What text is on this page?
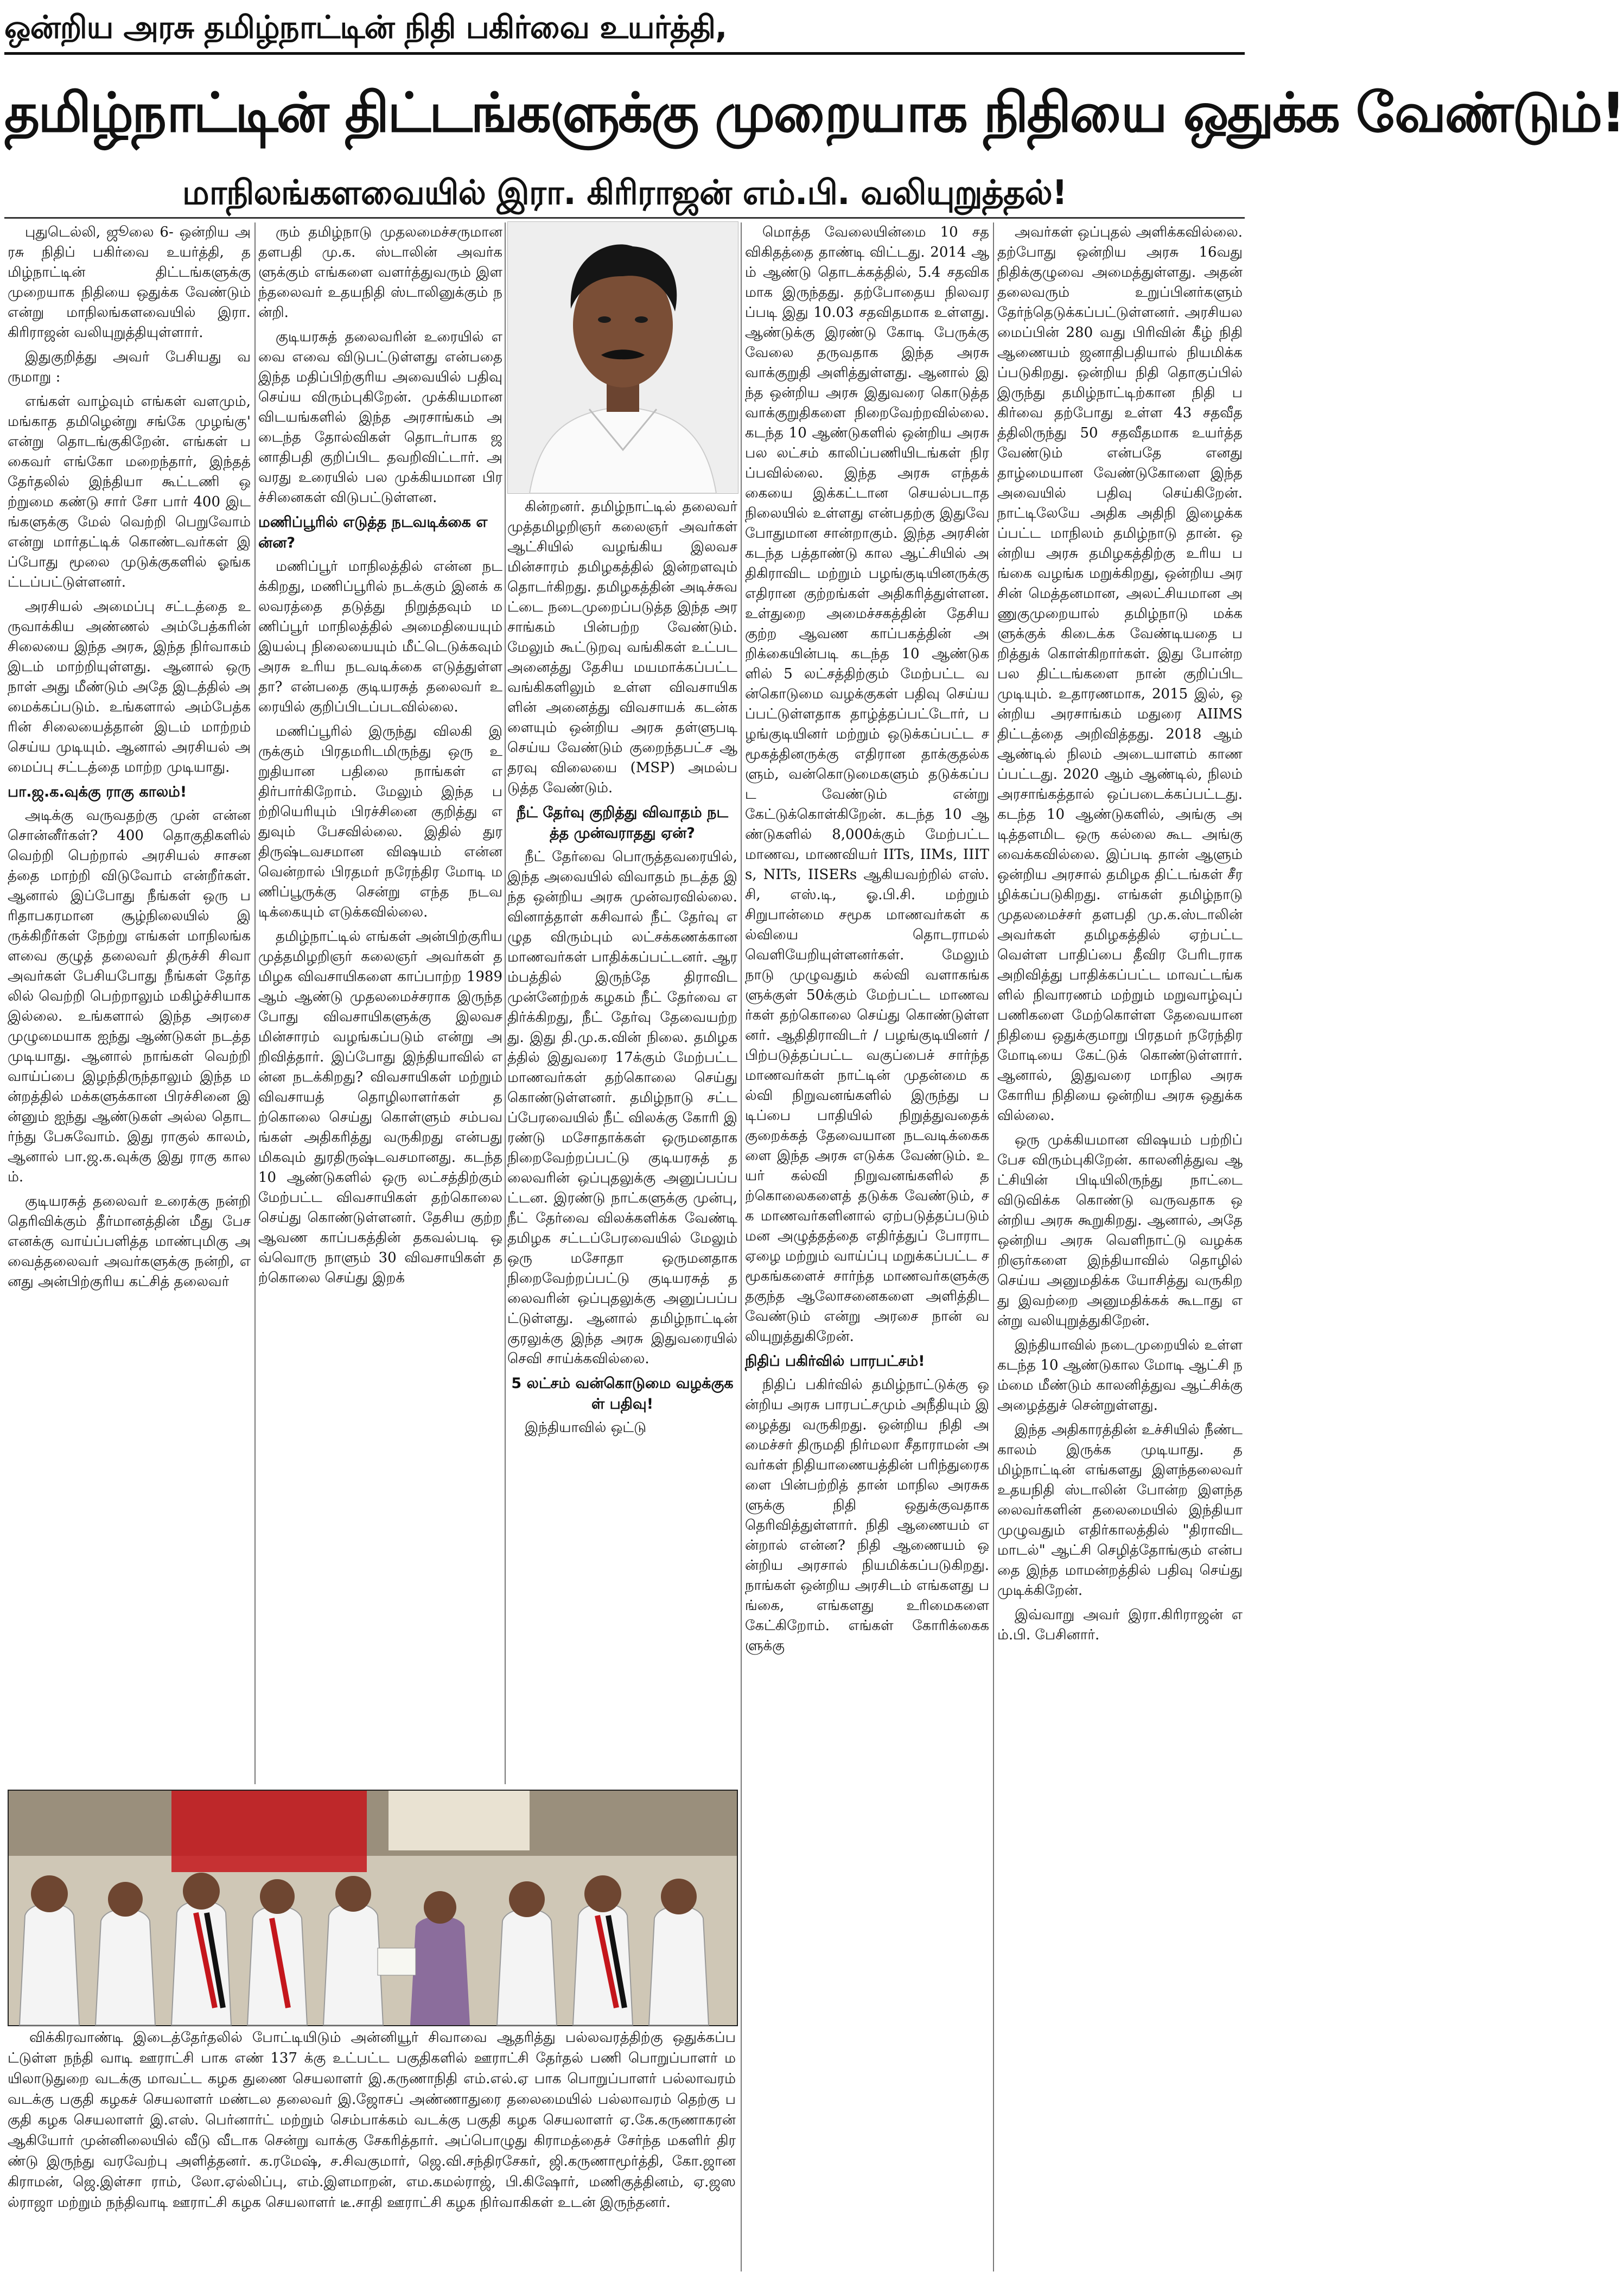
ஒன்றிய அரசு தமிழ்நாட்டின் நிதி பகிர்வை உயர்த்தி,
தமிழ்நாட்டின் திட்டங்களுக்கு முறையாக நிதியை ஒதுக்க வேண்டும்!
மாநிலங்களவையில் இரா. கிரிராஜன் எம்.பி. வலியுறுத்தல்!

புதுடெல்லி, ஜூலை 6- ஒன்றிய அரசு நிதிப் பகிர்வை உயர்த்தி, தமிழ்நாட்டின் திட்டங்களுக்கு முறையாக நிதியை ஒதுக்க வேண்டும் என்று மாநிலங்களவையில் இரா.கிரிராஜன் வலியுறுத்தியுள்ளார்.

இதுகுறித்து அவர் பேசியது வருமாறு :

எங்கள் வாழ்வும் எங்கள் வளமும், மங்காத தமிழென்று சங்கே முழங்கு' என்று தொடங்குகிறேன். எங்கள் பகைவர் எங்கோ மறைந்தார், இந்தத் தேர்தலில் இந்தியா கூட்டணி ஒற்றுமை கண்டு சார் சோ பார் 400 இடங்களுக்கு மேல் வெற்றி பெறுவோம் என்று மார்தட்டிக் கொண்டவர்கள் இப்போது மூலை முடுக்குகளில் ஓங்கட்டப்பட்டுள்ளனர்.

அரசியல் அமைப்பு சட்டத்தை உருவாக்கிய அண்ணல் அம்பேத்கரின் சிலையை இந்த அரசு, இந்த நிர்வாகம் இடம் மாற்றியுள்ளது. ஆனால் ஒரு நாள் அது மீண்டும் அதே இடத்தில் அமைக்கப்படும். உங்களால் அம்பேத்கரின் சிலையைத்தான் இடம் மாற்றம் செய்ய முடியும். ஆனால் அரசியல் அமைப்பு சட்டத்தை மாற்ற முடியாது.

பா.ஜ.க.வுக்கு ராகு காலம்!

அடிக்கு வருவதற்கு முன் என்ன சொன்னீர்கள்? 400 தொகுதிகளில் வெற்றி பெற்றால் அரசியல் சாசனத்தை மாற்றி விடுவோம் என்றீர்கள். ஆனால் இப்போது நீங்கள் ஒரு பரிதாபகரமான சூழ்நிலையில் இருக்கிறீர்கள் நேற்று எங்கள் மாநிலங்களவை குழுத் தலைவர் திருச்சி சிவா அவர்கள் பேசியபோது நீங்கள் தேர்தலில் வெற்றி பெற்றாலும் மகிழ்ச்சியாக இல்லை. உங்களால் இந்த அரசை முழுமையாக ஐந்து ஆண்டுகள் நடத்த முடியாது. ஆனால் நாங்கள் வெற்றி வாய்ப்பை இழந்திருந்தாலும் இந்த மன்றத்தில் மக்களுக்கான பிரச்சினை இன்னும் ஐந்து ஆண்டுகள் அல்ல தொடர்ந்து பேசுவோம். இது ராகுல் காலம், ஆனால் பா.ஜ.க.வுக்கு இது ராகு காலம்.

குடியரசுத் தலைவர் உரைக்கு நன்றி தெரிவிக்கும் தீர்மானத்தின் மீது பேச எனக்கு வாய்ப்பளித்த மாண்புமிகு அவைத்தலைவர் அவர்களுக்கு நன்றி, எனது அன்பிற்குரிய கட்சித் தலைவர்

ரும் தமிழ்நாடு முதலமைச்சருமான தளபதி மு.க. ஸ்டாலின் அவர்களுக்கும் எங்களை வளர்த்துவரும் இளந்தலைவர் உதயநிதி ஸ்டாலினுக்கும் நன்றி.

குடியரசுத் தலைவரின் உரையில் எவை எவை விடுபட்டுள்ளது என்பதை இந்த மதிப்பிற்குரிய அவையில் பதிவு செய்ய விரும்புகிறேன். முக்கியமான விடயங்களில் இந்த அரசாங்கம் அடைந்த தோல்விகள் தொடர்பாக ஜனாதிபதி குறிப்பிட தவறிவிட்டார். அவரது உரையில் பல முக்கியமான பிரச்சினைகள் விடுபட்டுள்ளன.

மணிப்பூரில் எடுத்த நடவடிக்கை என்ன?

மணிப்பூர் மாநிலத்தில் என்ன நடக்கிறது, மணிப்பூரில் நடக்கும் இனக் கலவரத்தை தடுத்து நிறுத்தவும் மணிப்பூர் மாநிலத்தில் அமைதியையும் இயல்பு நிலையையும் மீட்டெடுக்கவும் அரசு உரிய நடவடிக்கை எடுத்துள்ளதா? என்பதை குடியரசுத் தலைவர் உரையில் குறிப்பிடப்படவில்லை.

மணிப்பூரில் இருந்து விலகி இருக்கும் பிரதமரிடமிருந்து ஒரு உறுதியான பதிலை நாங்கள் எதிர்பார்கிறோம். மேலும் இந்த பற்றியெரியும் பிரச்சினை குறித்து எதுவும் பேசவில்லை. இதில் துரதிருஷ்டவசமான விஷயம் என்னவென்றால் பிரதமர் நரேந்திர மோடி மணிப்பூருக்கு சென்று எந்த நடவடிக்கையும் எடுக்கவில்லை.

தமிழ்நாட்டில் எங்கள் அன்பிற்குரிய முத்தமிழறிஞர் கலைஞர் அவர்கள் தமிழக விவசாயிகளை காப்பாற்ற 1989ஆம் ஆண்டு முதலமைச்சராக இருந்த போது விவசாயிகளுக்கு இலவச மின்சாரம் வழங்கப்படும் என்று அறிவித்தார். இப்போது இந்தியாவில் என்ன நடக்கிறது? விவசாயிகள் மற்றும் விவசாயத் தொழிலாளர்கள் தற்கொலை செய்து கொள்ளும் சம்பவங்கள் அதிகரித்து வருகிறது என்பது மிகவும் துரதிருஷ்டவசமானது. கடந்த 10 ஆண்டுகளில் ஒரு லட்சத்திற்கும் மேற்பட்ட விவசாயிகள் தற்கொலை செய்து கொண்டுள்ளனர். தேசிய குற்ற ஆவண காப்பகத்தின் தகவல்படி ஒவ்வொரு நாளும் 30 விவசாயிகள் தற்கொலை செய்து இறக்

கின்றனர். தமிழ்நாட்டில் தலைவர் முத்தமிழறிஞர் கலைஞர் அவர்கள் ஆட்சியில் வழங்கிய இலவச மின்சாரம் தமிழகத்தில் இன்றளவும் தொடர்கிறது. தமிழகத்தின் அடிச்சுவட்டை நடைமுறைப்படுத்த இந்த அரசாங்கம் பின்பற்ற வேண்டும். மேலும் கூட்டுறவு வங்கிகள் உட்பட அனைத்து தேசிய மயமாக்கப்பட்ட வங்கிகளிலும் உள்ள விவசாயிகளின் அனைத்து விவசாயக் கடன்களையும் ஒன்றிய அரசு தள்ளுபடி செய்ய வேண்டும் குறைந்தபட்ச ஆதரவு விலையை (MSP) அமல்படுத்த வேண்டும்.

நீட் தேர்வு குறித்து விவாதம் நடத்த முன்வராதது ஏன்?

நீட் தேர்வை பொருத்தவரையில், இந்த அவையில் விவாதம் நடத்த இந்த ஒன்றிய அரசு முன்வரவில்லை. வினாத்தாள் கசிவால் நீட் தேர்வு எழுத விரும்பும் லட்சக்கணக்கான மாணவர்கள் பாதிக்கப்பட்டனர். ஆரம்பத்தில் இருந்தே திராவிட முன்னேற்றக் கழகம் நீட் தேர்வை எதிர்க்கிறது, நீட் தேர்வு தேவையற்றது. இது தி.மு.க.வின் நிலை. தமிழகத்தில் இதுவரை 17க்கும் மேற்பட்ட மாணவர்கள் தற்கொலை செய்து கொண்டுள்ளனர். தமிழ்நாடு சட்டப்பேரவையில் நீட் விலக்கு கோரி இரண்டு மசோதாக்கள் ஒருமனதாக நிறைவேற்றப்பட்டு குடியரசுத் தலைவரின் ஒப்புதலுக்கு அனுப்பப்பட்டன. இரண்டு நாட்களுக்கு முன்பு, நீட் தேர்வை விலக்களிக்க வேண்டி தமிழக சட்டப்பேரவையில் மேலும் ஒரு மசோதா ஒருமனதாக நிறைவேற்றப்பட்டு குடியரசுத் தலைவரின் ஒப்புதலுக்கு அனுப்பப்பட்டுள்ளது. ஆனால் தமிழ்நாட்டின் குரலுக்கு இந்த அரசு இதுவரையில் செவி சாய்க்கவில்லை.

5 லட்சம் வன்கொடுமை வழக்குகள் பதிவு!

இந்தியாவில் ஒட்டு

மொத்த வேலையின்மை 10 சதவிகிதத்தை தாண்டி விட்டது. 2014 ஆம் ஆண்டு தொடக்கத்தில், 5.4 சதவிகமாக இருந்தது. தற்போதைய நிலவரப்படி இது 10.03 சதவிதமாக உள்ளது. ஆண்டுக்கு இரண்டு கோடி பேருக்கு வேலை தருவதாக இந்த அரசு வாக்குறுதி அளித்துள்ளது. ஆனால் இந்த ஒன்றிய அரசு இதுவரை கொடுத்த வாக்குறுதிகளை நிறைவேற்றவில்லை. கடந்த 10 ஆண்டுகளில் ஒன்றிய அரசு பல லட்சம் காலிப்பணியிடங்கள் நிரப்பவில்லை. இந்த அரசு எந்தக் கையை இக்கட்டான செயல்படாத நிலையில் உள்ளது என்பதற்கு இதுவே போதுமான சான்றாகும். இந்த அரசின் கடந்த பத்தாண்டு கால ஆட்சியில் அதிகிராவிட மற்றும் பழங்குடியினருக்கு எதிரான குற்றங்கள் அதிகரித்துள்ளன. உள்துறை அமைச்சகத்தின் தேசிய குற்ற ஆவண காப்பகத்தின் அறிக்கையின்படி கடந்த 10 ஆண்டுகளில் 5 லட்சத்திற்கும் மேற்பட்ட வன்கொடுமை வழக்குகள் பதிவு செய்யப்பட்டுள்ளதாக தாழ்த்தப்பட்டோர், பழங்குடியினர் மற்றும் ஒடுக்கப்பட்ட சமூகத்தினருக்கு எதிரான தாக்குதல்களும், வன்கொடுமைகளும் தடுக்கப்பட வேண்டும் என்று கேட்டுக்கொள்கிறேன். கடந்த 10 ஆண்டுகளில் 8,000க்கும் மேற்பட்ட மாணவ, மாணவியர் IITs, IIMs, IIITs, NITs, IISERs ஆகியவற்றில் எஸ்.சி, எஸ்.டி, ஓ.பி.சி. மற்றும் சிறுபான்மை சமூக மாணவர்கள் கல்வியை தொடராமல் வெளியேறியுள்ளனர்கள். மேலும் நாடு முழுவதும் கல்வி வளாகங்களுக்குள் 50க்கும் மேற்பட்ட மாணவர்கள் தற்கொலை செய்து கொண்டுள்ளனர். ஆதிதிராவிடர் / பழங்குடியினர் / பிற்படுத்தப்பட்ட வகுப்பைச் சார்ந்த மாணவர்கள் நாட்டின் முதன்மை கல்வி நிறுவனங்களில் இருந்து படிப்பை பாதியில் நிறுத்துவதைக் குறைக்கத் தேவையான நடவடிக்கைகளை இந்த அரசு எடுக்க வேண்டும். உயர் கல்வி நிறுவனங்களில் தற்கொலைகளைத் தடுக்க வேண்டும், சக மாணவர்களினால் ஏற்படுத்தப்படும் மன அழுத்தத்தை எதிர்த்துப் போராட ஏழை மற்றும் வாய்ப்பு மறுக்கப்பட்ட சமூகங்களைச் சார்ந்த மாணவர்களுக்கு தகுந்த ஆலோசனைகளை அளித்திட வேண்டும் என்று அரசை நான் வலியுறுத்துகிறேன்.

நிதிப் பகிர்வில் பாரபட்சம்!

நிதிப் பகிர்வில் தமிழ்நாட்டுக்கு ஒன்றிய அரசு பாரபட்சமும் அநீதியும் இழைத்து வருகிறது. ஒன்றிய நிதி அமைச்சர் திருமதி நிர்மலா சீதாராமன் அவர்கள் நிதியாணையத்தின் பரிந்துரைகளை பின்பற்றித் தான் மாநில அரசுகளுக்கு நிதி ஒதுக்குவதாக தெரிவித்துள்ளார். நிதி ஆணையம் என்றால் என்ன? நிதி ஆணையம் ஒன்றிய அரசால் நியமிக்கப்படுகிறது. நாங்கள் ஒன்றிய அரசிடம் எங்களது பங்கை, எங்களது உரிமைகளை கேட்கிறோம். எங்கள் கோரிக்கைகளுக்கு

அவர்கள் ஒப்புதல் அளிக்கவில்லை. தற்போது ஒன்றிய அரசு 16வது நிதிக்குழுவை அமைத்துள்ளது. அதன் தலைவரும் உறுப்பினர்களும் தேர்ந்தெடுக்கப்பட்டுள்ளனர். அரசியலமைப்பின் 280 வது பிரிவின் கீழ் நிதி ஆணையம் ஜனாதிபதியால் நியமிக்கப்படுகிறது. ஒன்றிய நிதி தொகுப்பில் இருந்து தமிழ்நாட்டிற்கான நிதி பகிர்வை தற்போது உள்ள 43 சதவீதத்திலிருந்து 50 சதவீதமாக உயர்த்த வேண்டும் என்பதே எனது தாழ்மையான வேண்டுகோளை இந்த அவையில் பதிவு செய்கிறேன். நாட்டிலேயே அதிக அதிநி இழைக்கப்பட்ட மாநிலம் தமிழ்நாடு தான். ஒன்றிய அரசு தமிழகத்திற்கு உரிய பங்கை வழங்க மறுக்கிறது, ஒன்றிய அரசின் மெத்தனமான, அலட்சியமான அணுகுமுறையால் தமிழ்நாடு மக்களுக்குக் கிடைக்க வேண்டியதை பறித்துக் கொள்கிறார்கள். இது போன்ற பல திட்டங்களை நான் குறிப்பிட முடியும். உதாரணமாக, 2015 இல், ஒன்றிய அரசாங்கம் மதுரை AIIMS திட்டத்தை அறிவித்தது. 2018 ஆம் ஆண்டில் நிலம் அடையாளம் காணப்பட்டது. 2020 ஆம் ஆண்டில், நிலம் அரசாங்கத்தால் ஒப்படைக்கப்பட்டது. கடந்த 10 ஆண்டுகளில், அங்கு அடித்தளமிட ஒரு கல்லை கூட அங்கு வைக்கவில்லை. இப்படி தான் ஆளும் ஒன்றிய அரசால் தமிழக திட்டங்கள் சீரழிக்கப்படுகிறது. எங்கள் தமிழ்நாடு முதலமைச்சர் தளபதி மு.க.ஸ்டாலின் அவர்கள் தமிழகத்தில் ஏற்பட்ட வெள்ள பாதிப்பை தீவிர பேரிடராக அறிவித்து பாதிக்கப்பட்ட மாவட்டங்களில் நிவாரணம் மற்றும் மறுவாழ்வுப் பணிகளை மேற்கொள்ள தேவையான நிதியை ஒதுக்குமாறு பிரதமர் நரேந்திர மோடியை கேட்டுக் கொண்டுள்ளார். ஆனால், இதுவரை மாநில அரசு கோரிய நிதியை ஒன்றிய அரசு ஒதுக்கவில்லை.

ஒரு முக்கியமான விஷயம் பற்றிப் பேச விரும்புகிறேன். காலனித்துவ ஆட்சியின் பிடியிலிருந்து நாட்டை விடுவிக்க கொண்டு வருவதாக ஒன்றிய அரசு கூறுகிறது. ஆனால், அதே ஒன்றிய அரசு வெளிநாட்டு வழக்கறிஞர்களை இந்தியாவில் தொழில் செய்ய அனுமதிக்க யோசித்து வருகிறது இவற்றை அனுமதிக்கக் கூடாது என்று வலியுறுத்துகிறேன்.

இந்தியாவில் நடைமுறையில் உள்ள கடந்த 10 ஆண்டுகால மோடி ஆட்சி நம்மை மீண்டும் காலனித்துவ ஆட்சிக்கு அழைத்துச் சென்றுள்ளது.

இந்த அதிகாரத்தின் உச்சியில் நீண்ட காலம் இருக்க முடியாது. தமிழ்நாட்டின் எங்களது இளந்தலைவர் உதயநிதி ஸ்டாலின் போன்ற இளந்தலைவர்களின் தலைமையில் இந்தியா முழுவதும் எதிர்காலத்தில் "திராவிட மாடல்" ஆட்சி செழித்தோங்கும் என்பதை இந்த மாமன்றத்தில் பதிவு செய்து முடிக்கிறேன்.

இவ்வாறு அவர் இரா.கிரிராஜன் எம்.பி. பேசினார்.

விக்கிரவாண்டி இடைத்தேர்தலில் போட்டியிடும் அன்னியூர் சிவாவை ஆதரித்து பல்லவரத்திற்கு ஒதுக்கப்பட்டுள்ள நந்தி வாடி ஊராட்சி பாக எண் 137 க்கு உட்பட்ட பகுதிகளில் ஊராட்சி தேர்தல் பணி பொறுப்பாளர் மயிலாடுதுறை வடக்கு மாவட்ட கழக துணை செயலாளர் இ.கருணாநிதி எம்.எல்.ஏ பாக பொறுப்பாளர் பல்லாவரம் வடக்கு பகுதி கழகச் செயலாளர் மண்டல தலைவர் இ.ஜோசப் அண்ணாதுரை தலைமையில் பல்லாவரம் தெற்கு பகுதி கழக செயலாளர் இ.எஸ். பெர்னார்ட் மற்றும் செம்பாக்கம் வடக்கு பகுதி கழக செயலாளர் ஏ.கே.கருணாகரன் ஆகியோர் முன்னிலையில் வீடு வீடாக சென்று வாக்கு சேகரித்தார். அப்பொழுது கிராமத்தைச் சேர்ந்த மகளிர் திரண்டு இருந்து வரவேற்பு அளித்தனர். க.ரமேஷ், ச.சிவகுமார், ஜெ.வி.சந்திரசேகர், ஜி.கருணாமூர்த்தி, கோ.ஜானகிராமன், ஜெ.இள்சா ராம், லோ.ஏல்லிப்பு, எம்.இளமாறன், எம.கமல்ராஜ், பி.கிஷோர், மணிகுத்தினம், ஏ.ஜஸல்ராஜா மற்றும் நந்திவாடி ஊராட்சி கழக செயலாளர் டீ.சாதி ஊராட்சி கழக நிர்வாகிகள் உடன் இருந்தனர்.
